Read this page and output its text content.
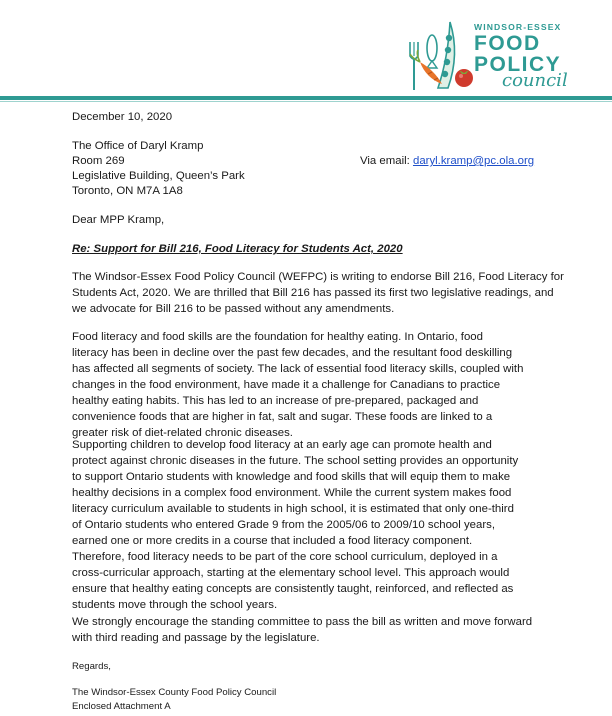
WINDSOR-ESSEX
FOOD
POLICY
council

December 10, 2020

The Office of Daryl Kramp

Room 269

Legislative Building, Queen’s Park

Toronto, ON M7A 1A8

Via email: daryl.kramp@pc.ola.org

Dear MPP Kramp,

Re: Support for Bill 216, Food Literacy for Students Act, 2020

The Windsor-Essex Food Policy Council (WEFPC) is writing to endorse Bill 216, Food Literacy for
Students Act, 2020. We are thrilled that Bill 216 has passed its first two legislative readings, and
we advocate for Bill 216 to be passed without any amendments.
Food literacy and food skills are the foundation for healthy eating. In Ontario, food
literacy has been in decline over the past few decades, and the resultant food deskilling
has affected all segments of society. The lack of essential food literacy skills, coupled with
changes in the food environment, have made it a challenge for Canadians to practice
healthy eating habits. This has led to an increase of pre-prepared, packaged and
convenience foods that are higher in fat, salt and sugar. These foods are linked to a
greater risk of diet-related chronic diseases.
Supporting children to develop food literacy at an early age can promote health and
protect against chronic diseases in the future. The school setting provides an opportunity
to support Ontario students with knowledge and food skills that will equip them to make
healthy decisions in a complex food environment. While the current system makes food
literacy curriculum available to students in high school, it is estimated that only one-third
of Ontario students who entered Grade 9 from the 2005/06 to 2009/10 school years,
earned one or more credits in a course that included a food literacy component.
Therefore, food literacy needs to be part of the core school curriculum, deployed in a
cross-curricular approach, starting at the elementary school level. This approach would
ensure that healthy eating concepts are consistently taught, reinforced, and reflected as
students move through the school years.
We strongly encourage the standing committee to pass the bill as written and move forward
with third reading and passage by the legislature.

Regards,

The Windsor-Essex County Food Policy Council

Enclosed Attachment A
